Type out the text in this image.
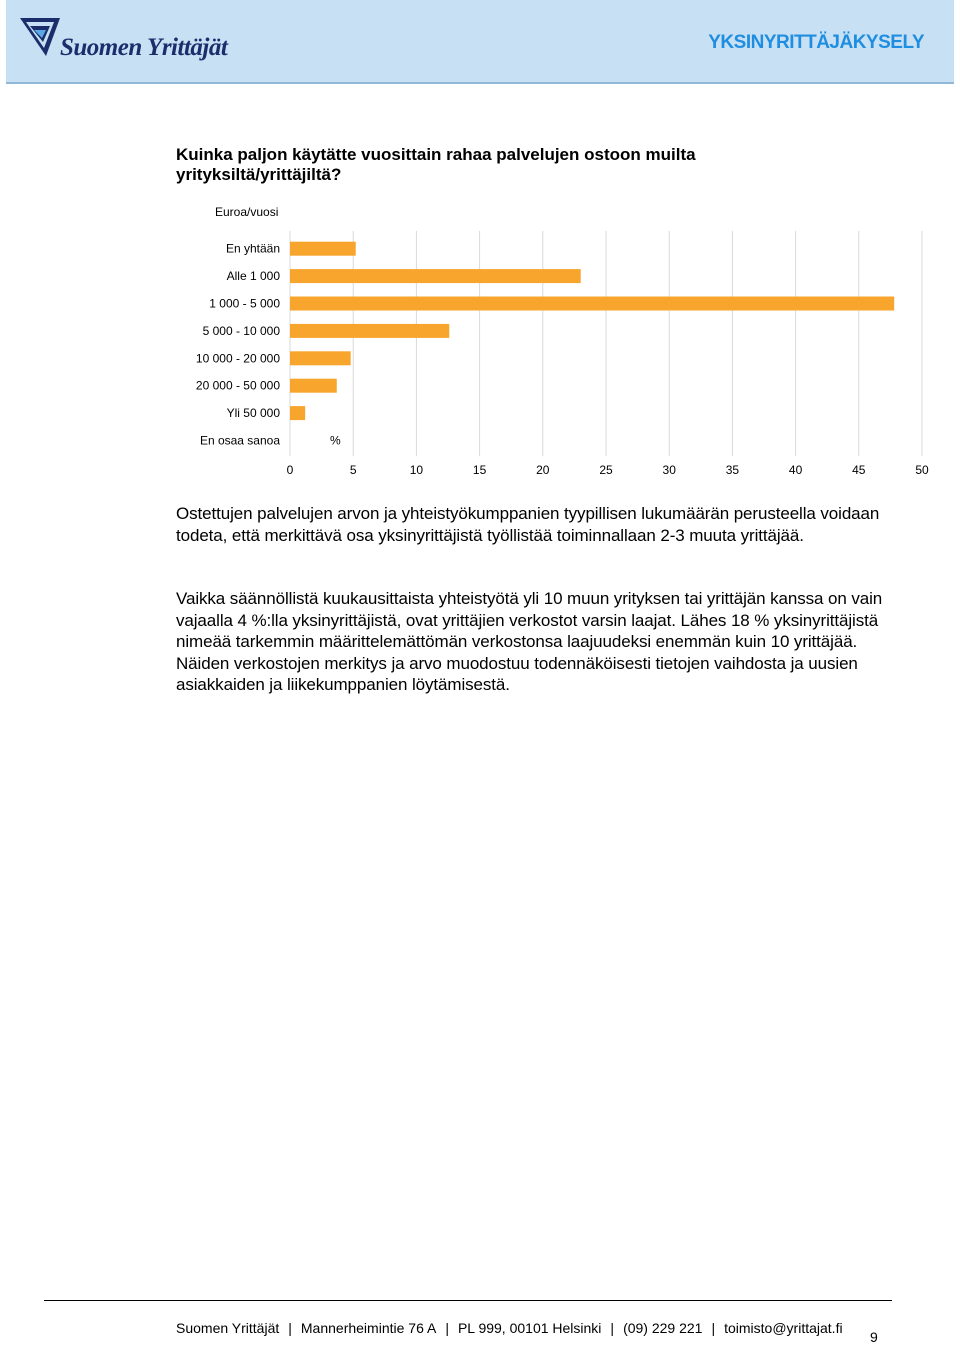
Suomen Yrittäjät	YKSINYRITTÄJÄKYSELY

Kuinka paljon käytätte vuosittain rahaa palvelujen ostoon muilta yrityksiltä/yrittäjiltä?

0	5	10	15	20	25	30	35	40	45	50
Euroa/vuosi
En yhtään
Alle 1 000
1 000 - 5 000
5 000 - 10 000
10 000 - 20 000
20 000 - 50 000
Yli 50 000
En osaa sanoa	%

Ostettujen palvelujen arvon ja yhteistyökumppanien tyypillisen lukumäärän perusteella voidaan todeta, että merkittävä osa yksinyrittäjistä työllistää toiminnallaan 2-3 muuta yrittäjää.

Vaikka säännöllistä kuukausittaista yhteistyötä yli 10 muun yrityksen tai yrittäjän kanssa on vain vajaalla 4 %:lla yksinyrittäjistä, ovat yrittäjien verkostot varsin laajat. Lähes 18 % yksinyrittäjistä nimeää tarkemmin määrittelemättömän verkostonsa laajuudeksi enemmän kuin 10 yrittäjää. Näiden verkostojen merkitys ja arvo muodostuu todennäköisesti tietojen vaihdosta ja uusien asiakkaiden ja liikekumppanien löytämisestä.

Suomen Yrittäjät | Mannerheimintie 76 A | PL 999, 00101 Helsinki | (09) 229 221 | toimisto@yrittajat.fi
9
